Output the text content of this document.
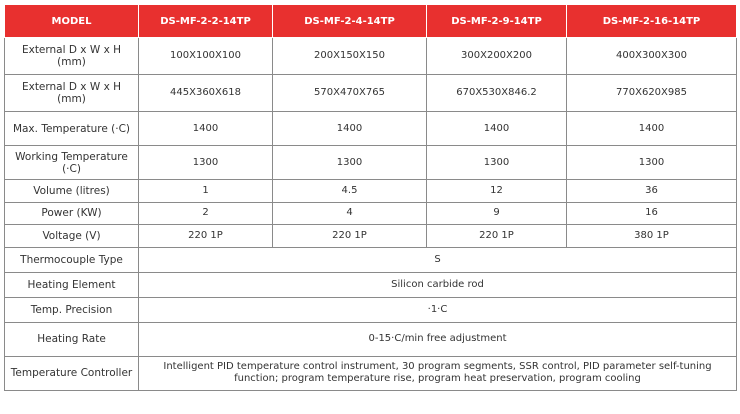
MODEL	DS-MF-2-2-14TP	DS-MF-2-4-14TP	DS-MF-2-9-14TP	DS-MF-2-16-14TP
External D x W x H (mm)	100X100X100	200X150X150	300X200X200	400X300X300
External D x W x H (mm)	445X360X618	570X470X765	670X530X846.2	770X620X985
Max. Temperature (·C)	1400	1400	1400	1400
Working Temperature (·C)	1300	1300	1300	1300
Volume (litres)	1	4.5	12	36
Power (KW)	2	4	9	16
Voltage (V)	220 1P	220 1P	220 1P	380 1P
Thermocouple Type	S			
Heating Element	Silicon carbide rod			
Temp. Precision	·1·C			
Heating Rate	0-15·C/min free adjustment			
Temperature Controller	Intelligent PID temperature control instrument, 30 program segments, SSR control, PID parameter self-tuning function; program temperature rise, program heat preservation, program cooling			
